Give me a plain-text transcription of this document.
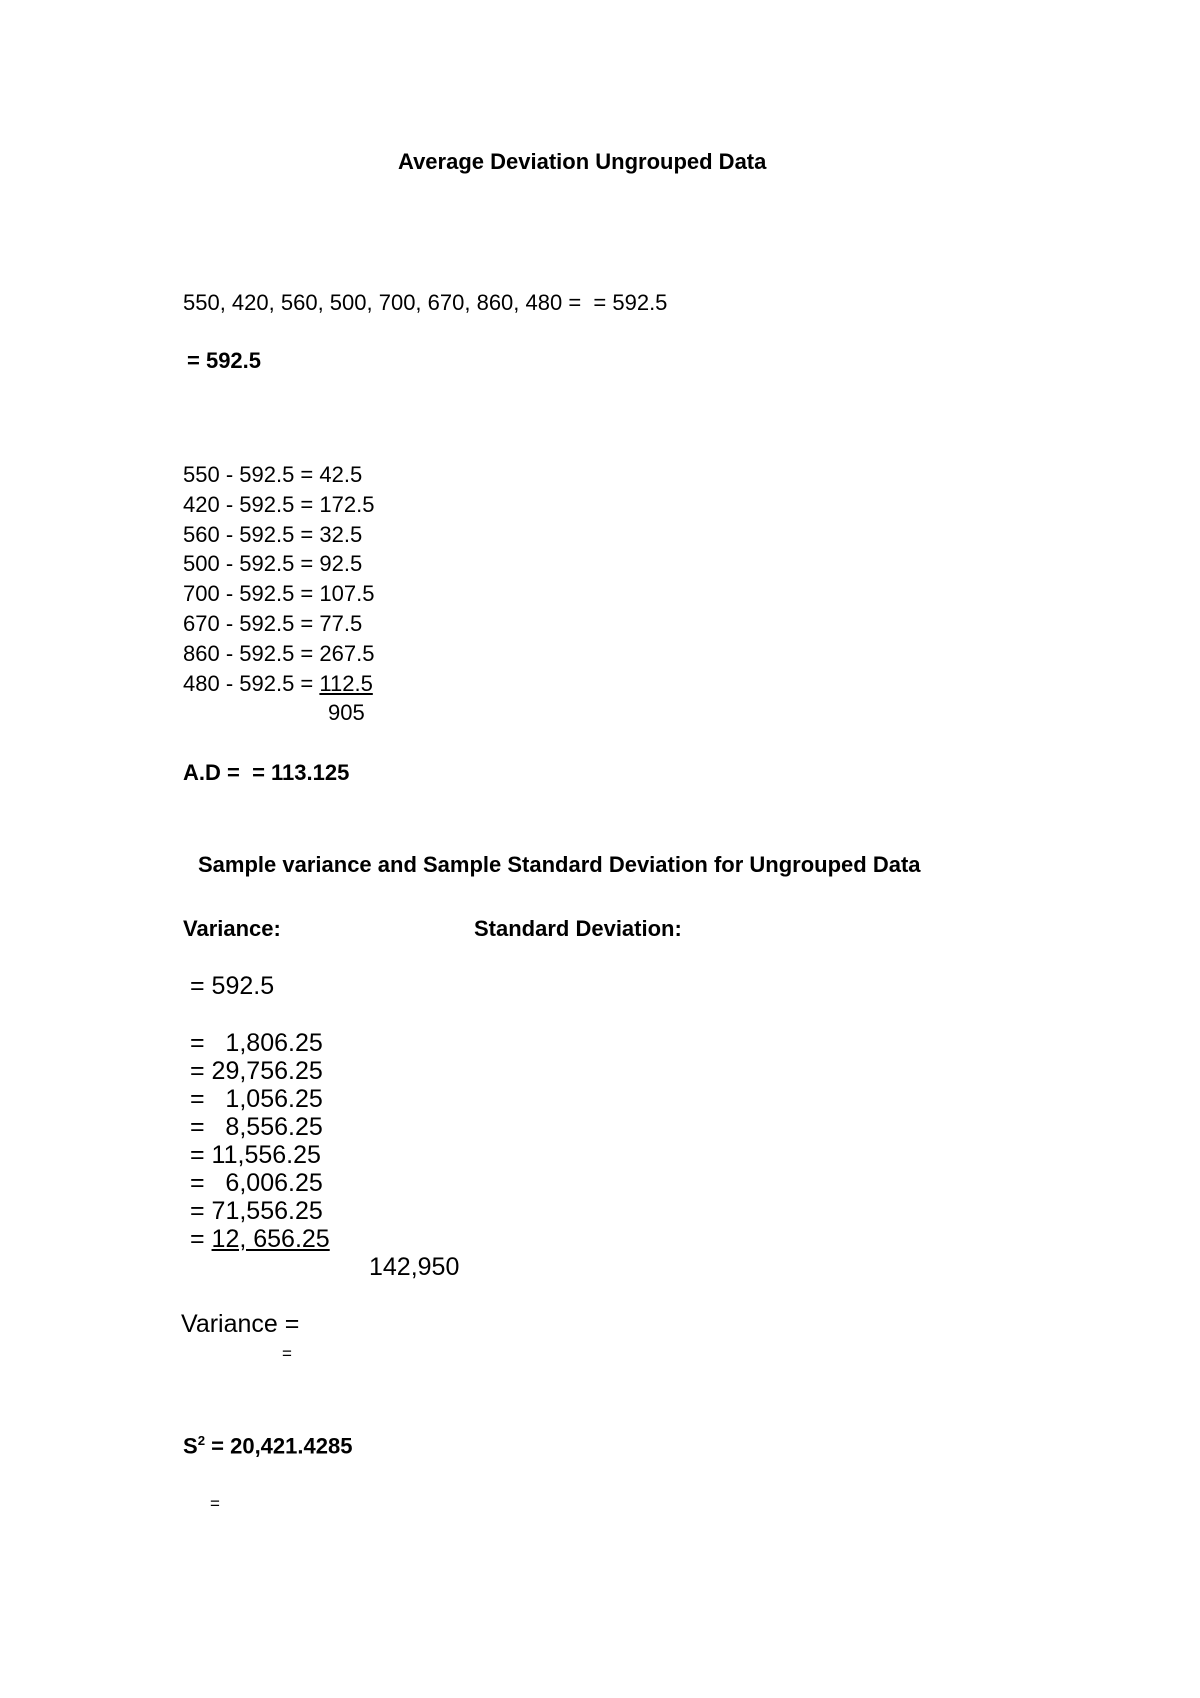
Average Deviation Ungrouped Data
550, 420, 560, 500, 700, 670, 860, 480 =  = 592.5
= 592.5
550 - 592.5 = 42.5
420 - 592.5 = 172.5
560 - 592.5 = 32.5
500 - 592.5 = 92.5
700 - 592.5 = 107.5
670 - 592.5 = 77.5
860 - 592.5 = 267.5
480 - 592.5 = 112.5
905
A.D =  = 113.125
Sample variance and Sample Standard Deviation for Ungrouped Data
Variance:	Standard Deviation:
= 592.5
=   1,806.25
= 29,756.25
=   1,056.25
=   8,556.25
= 11,556.25
=   6,006.25
= 71,556.25
= 12, 656.25
142,950
Variance =
=
$S^2 = 20,421.4285$
=
